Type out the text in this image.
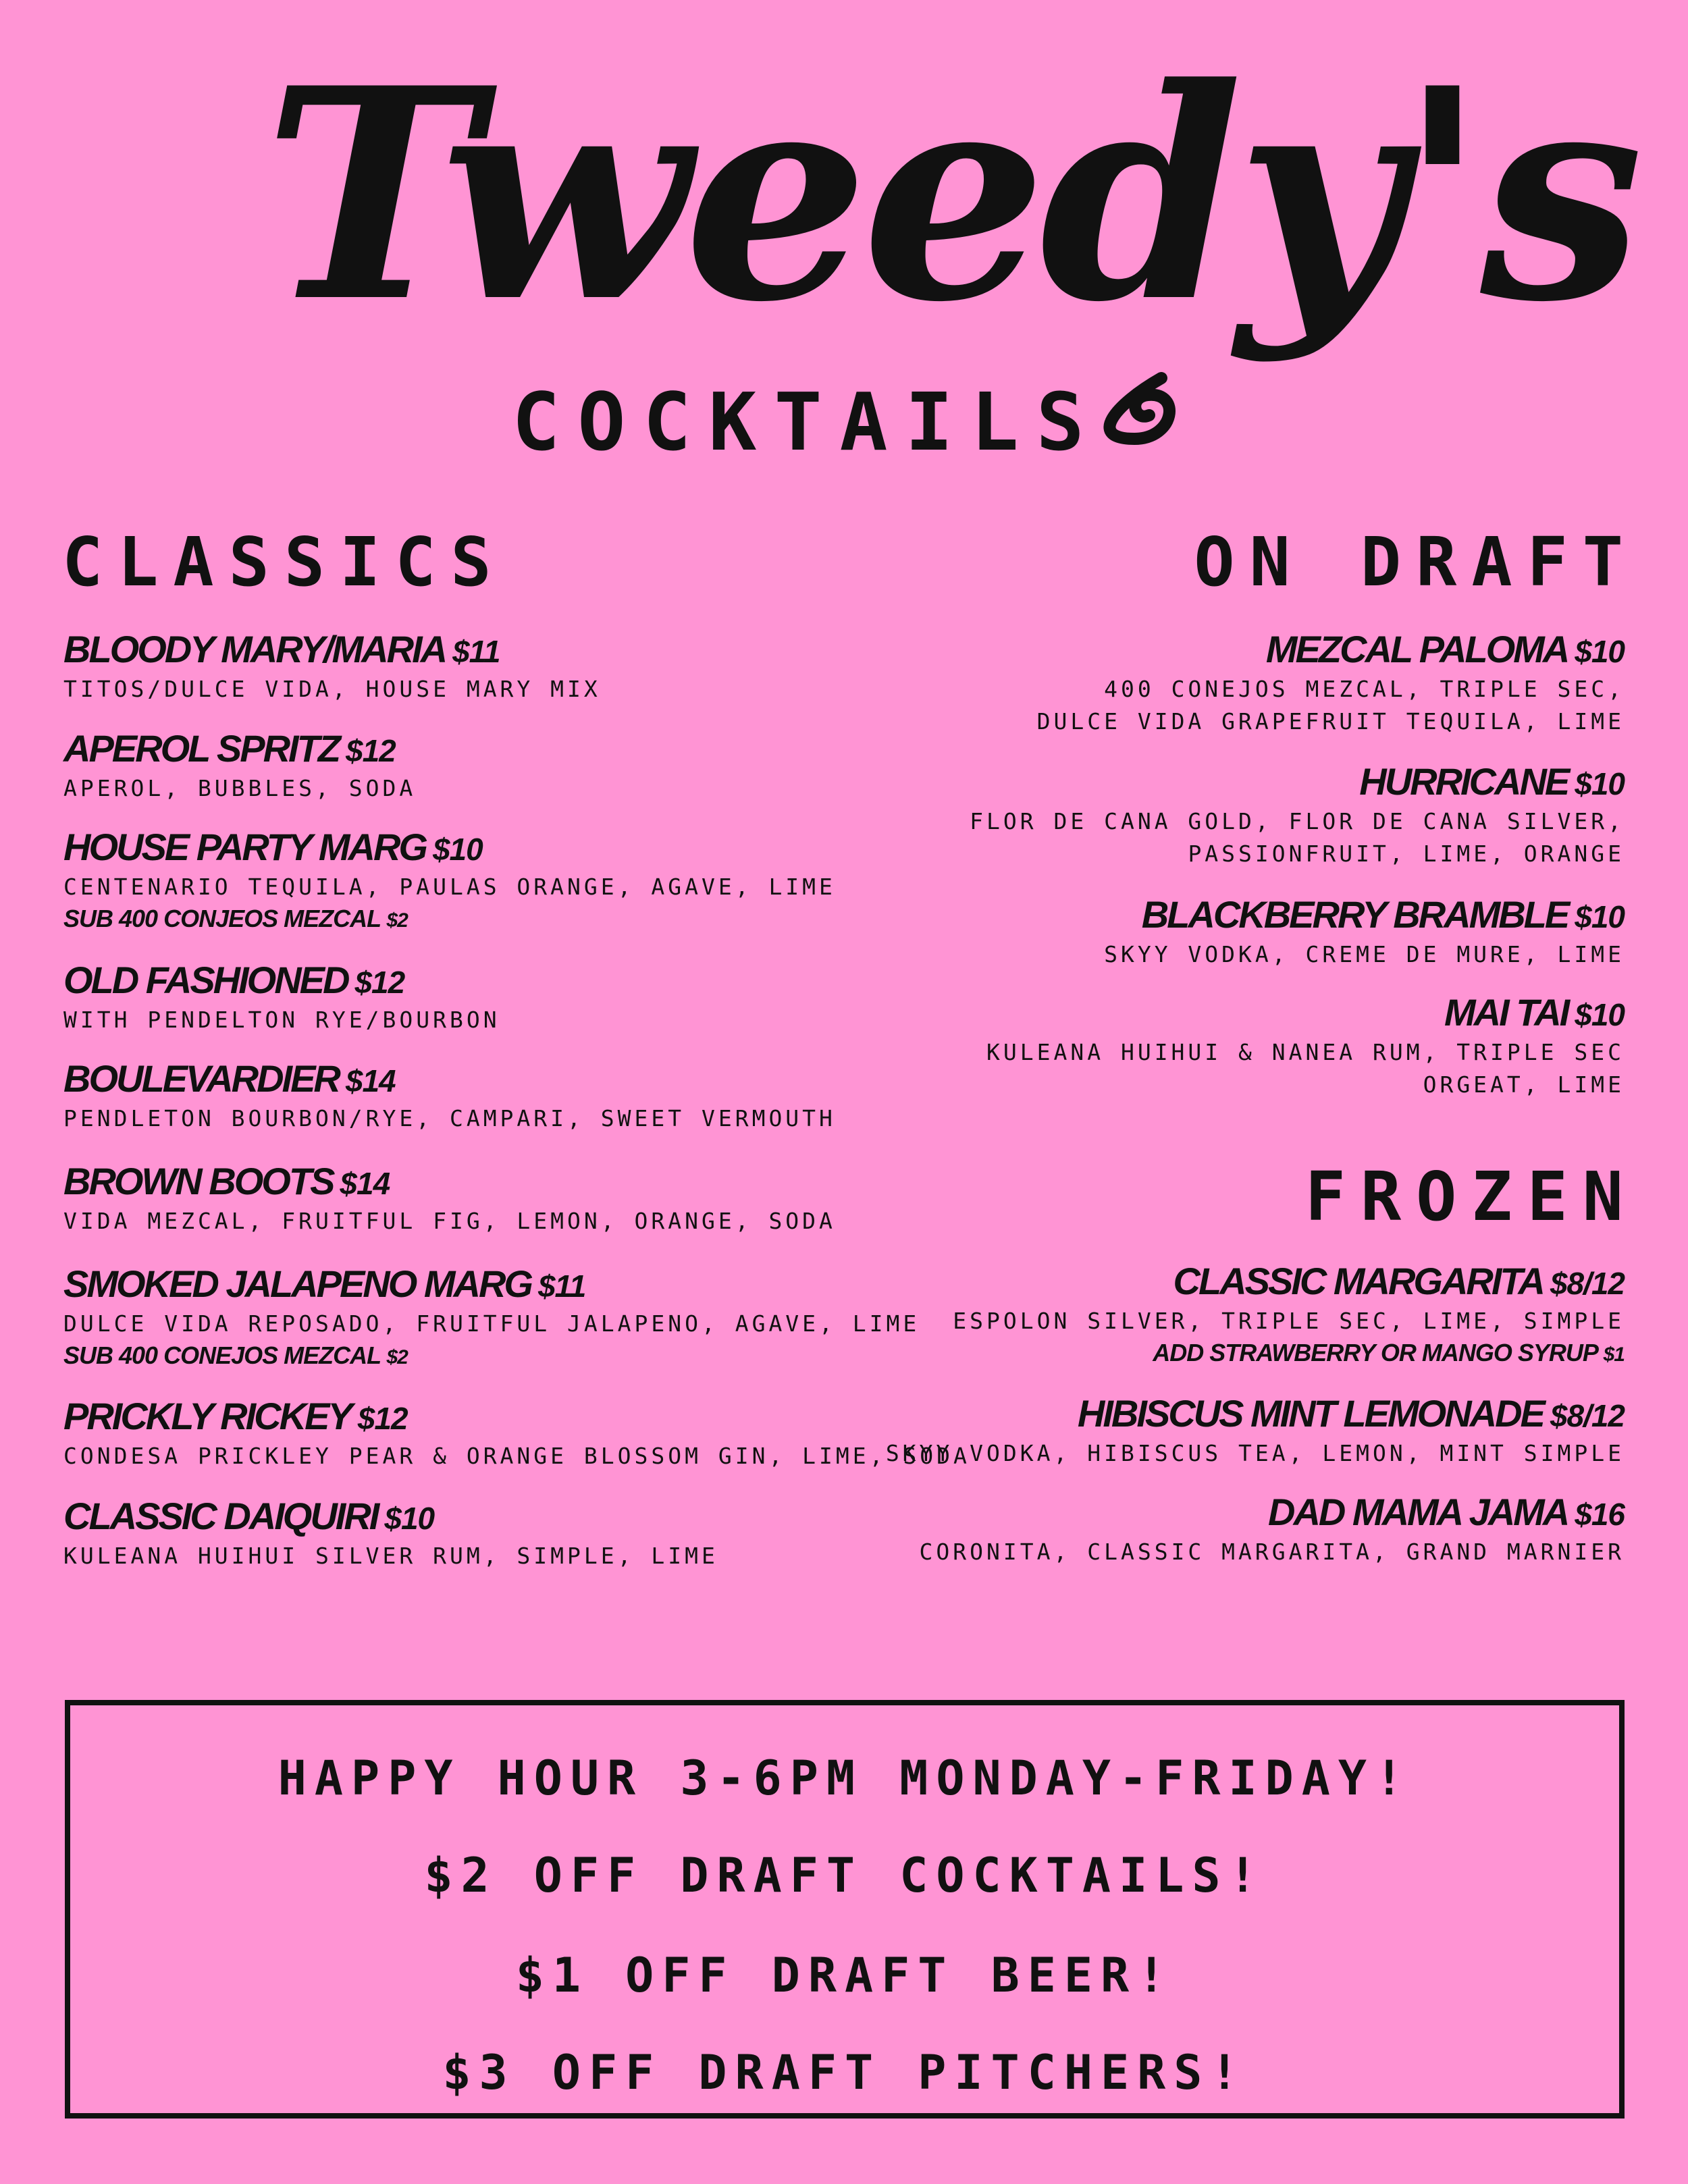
Tweedy's
COCKTAILS
CLASSICS	ON DRAFT
FROZEN
BLOODY MARY/MARIA $11
TITOS/DULCE VIDA, HOUSE MARY MIX
APEROL SPRITZ $12
APEROL, BUBBLES, SODA
HOUSE PARTY MARG $10
CENTENARIO TEQUILA, PAULAS ORANGE, AGAVE, LIME
SUB 400 CONJEOS MEZCAL $2
OLD FASHIONED $12
WITH PENDELTON RYE/BOURBON
BOULEVARDIER $14
PENDLETON BOURBON/RYE, CAMPARI, SWEET VERMOUTH
BROWN BOOTS $14
VIDA MEZCAL, FRUITFUL FIG, LEMON, ORANGE, SODA
SMOKED JALAPENO MARG $11
DULCE VIDA REPOSADO, FRUITFUL JALAPENO, AGAVE, LIME
SUB 400 CONEJOS MEZCAL $2
PRICKLY RICKEY $12
CONDESA PRICKLEY PEAR & ORANGE BLOSSOM GIN, LIME, SODA
CLASSIC DAIQUIRI $10
KULEANA HUIHUI SILVER RUM, SIMPLE, LIME
MEZCAL PALOMA $10
400 CONEJOS MEZCAL, TRIPLE SEC,
DULCE VIDA GRAPEFRUIT TEQUILA, LIME
HURRICANE $10
FLOR DE CANA GOLD, FLOR DE CANA SILVER,
PASSIONFRUIT, LIME, ORANGE
BLACKBERRY BRAMBLE $10
SKYY VODKA, CREME DE MURE, LIME
MAI TAI $10
KULEANA HUIHUI & NANEA RUM, TRIPLE SEC
ORGEAT, LIME
CLASSIC MARGARITA $8/12
ESPOLON SILVER, TRIPLE SEC, LIME, SIMPLE
ADD STRAWBERRY OR MANGO SYRUP $1
HIBISCUS MINT LEMONADE $8/12
SKYY VODKA, HIBISCUS TEA, LEMON, MINT SIMPLE
DAD MAMA JAMA $16
CORONITA, CLASSIC MARGARITA, GRAND MARNIER
HAPPY HOUR 3-6PM MONDAY-FRIDAY!
$2 OFF DRAFT COCKTAILS!
$1 OFF DRAFT BEER!
$3 OFF DRAFT PITCHERS!
